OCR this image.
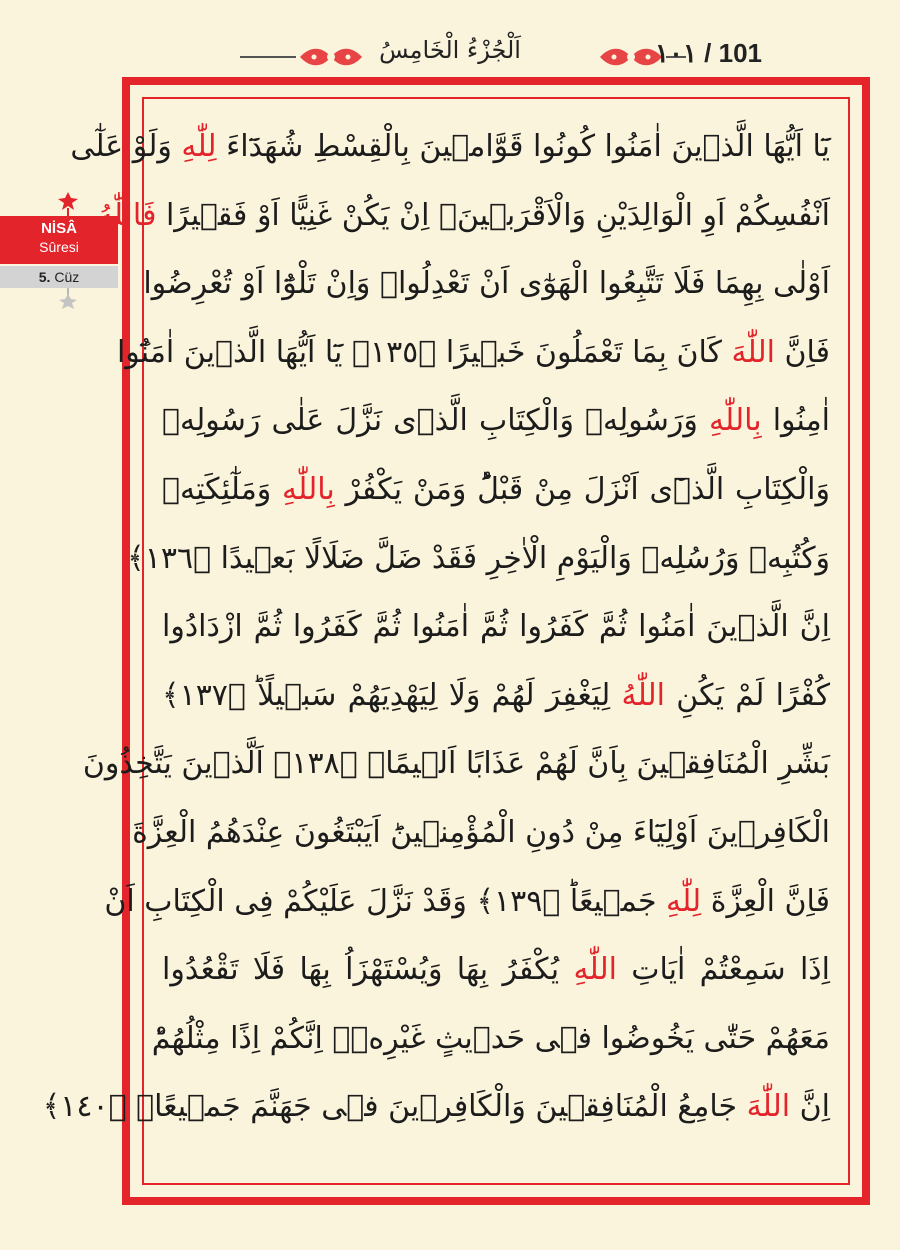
اَلْجُزْءُ الْخَامِسُ	١٠١ / 101
NİSÂ
Sûresi
5. Cüz
يَٓا اَيُّهَا الَّذٖينَ اٰمَنُوا كُونُوا قَوَّامٖينَ بِالْقِسْطِ شُهَدَٓاءَ لِلّٰهِ وَلَوْ عَلٰٓى
اَنْفُسِكُمْ اَوِ الْوَالِدَيْنِ وَالْاَقْرَبٖينَۚ اِنْ يَكُنْ غَنِيًّا اَوْ فَقٖيرًا فَاللّٰهُ
اَوْلٰى بِهِمَا فَلَا تَتَّبِعُوا الْهَوٰٓى اَنْ تَعْدِلُواۚ وَاِنْ تَلْوُٓا اَوْ تُعْرِضُوا
فَاِنَّ اللّٰهَ كَانَ بِمَا تَعْمَلُونَ خَبٖيرًا ﴿١٣٥﴾ يَٓا اَيُّهَا الَّذٖينَ اٰمَنُٓوا
اٰمِنُوا بِاللّٰهِ وَرَسُولِهٖ وَالْكِتَابِ الَّذٖى نَزَّلَ عَلٰى رَسُولِهٖ
وَالْكِتَابِ الَّذٖٓى اَنْزَلَ مِنْ قَبْلُؕ وَمَنْ يَكْفُرْ بِاللّٰهِ وَمَلٰٓئِكَتِهٖ
وَكُتُبِهٖ وَرُسُلِهٖ وَالْيَوْمِ الْاٰخِرِ فَقَدْ ضَلَّ ضَلَالًا بَعٖيدًا ﴿١٣٦﴾
اِنَّ الَّذٖينَ اٰمَنُوا ثُمَّ كَفَرُوا ثُمَّ اٰمَنُوا ثُمَّ كَفَرُوا ثُمَّ ازْدَادُوا
كُفْرًا لَمْ يَكُنِ اللّٰهُ لِيَغْفِرَ لَهُمْ وَلَا لِيَهْدِيَهُمْ سَبٖيلًاؕ ﴿١٣٧﴾
بَشِّرِ الْمُنَافِقٖينَ بِاَنَّ لَهُمْ عَذَابًا اَلٖيمًاۙ ﴿١٣٨﴾ اَلَّذٖينَ يَتَّخِذُونَ
الْكَافِرٖينَ اَوْلِيَٓاءَ مِنْ دُونِ الْمُؤْمِنٖينَؕ اَيَبْتَغُونَ عِنْدَهُمُ الْعِزَّةَ
فَاِنَّ الْعِزَّةَ لِلّٰهِ جَمٖيعًاؕ ﴿١٣٩﴾ وَقَدْ نَزَّلَ عَلَيْكُمْ فِى الْكِتَابِ اَنْ
اِذَا سَمِعْتُمْ اٰيَاتِ اللّٰهِ يُكْفَرُ بِهَا وَيُسْتَهْزَاُ بِهَا فَلَا تَقْعُدُوا
مَعَهُمْ حَتّٰى يَخُوضُوا فٖى حَدٖيثٍ غَيْرِهٖۘ اِنَّكُمْ اِذًا مِثْلُهُمْؕ
اِنَّ اللّٰهَ جَامِعُ الْمُنَافِقٖينَ وَالْكَافِرٖينَ فٖى جَهَنَّمَ جَمٖيعًاۙ ﴿١٤٠﴾
